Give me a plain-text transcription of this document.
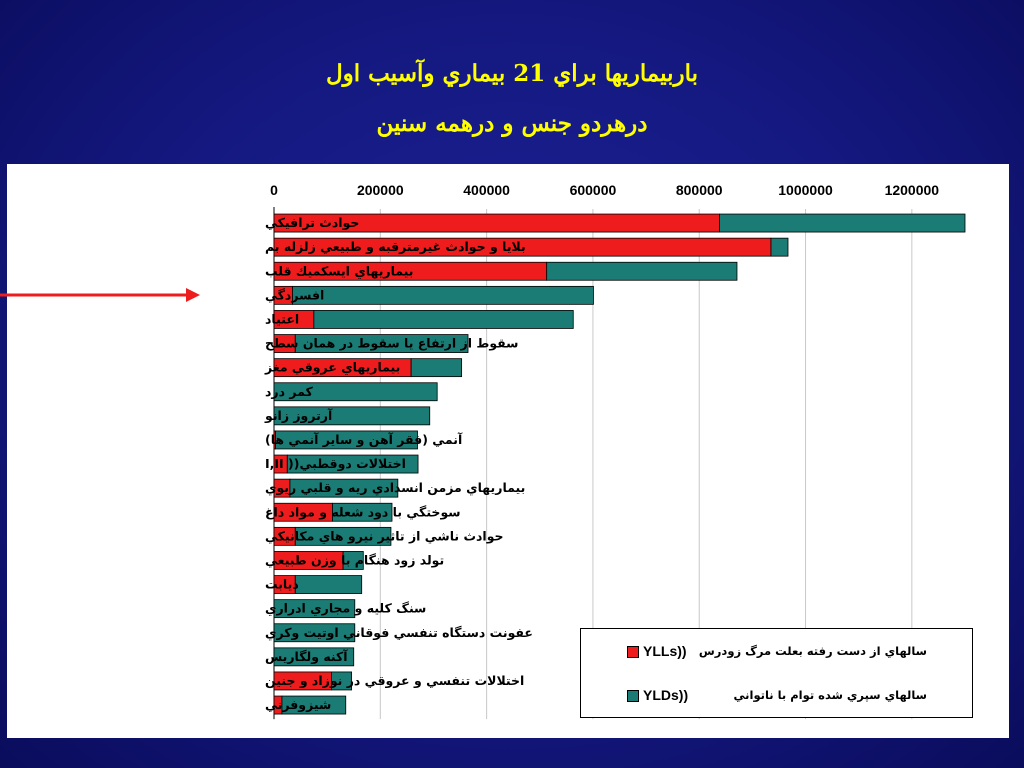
باربيماريها براي 21 بيماري وآسيب اول
درهردو جنس و درهمه سنين
0	200000	400000	600000	800000	1000000	1200000
حوادث ترافيكي
بلايا و حوادث غيرمترقبه و طبيعي زلزله بم
بيماريهاي ايسكميك قلب
افسردگي
اعتياد
سقوط از ارتفاع يا سقوط در همان سطح
بيماريهاي عروقي مغز
كمر درد
آرتروز زانو
آنمي (فقر آهن و ساير آنمي ها)
اختلالات دوقطبي(( I,II
بيماريهاي مزمن انسدادي ريه و قلبي ريوي
سوختگي با دود شعله و مواد داغ
حوادث ناشي از تاثير نيرو هاي مكانيكي
تولد زود هنگام با وزن طبيعي
ديابت
سنگ كليه و مجاري ادراري
عفونت دستگاه تنفسي فوقاني اوتيت وكري
آكنه ولگاريس
اختلالات تنفسي و عروقي در نوزاد و جنين
شيزوفرني
YLLs)) سالهاي از دست رفته بعلت مرگ زودرس
YLDs))	سالهاي سپري شده توام با ناتواني
